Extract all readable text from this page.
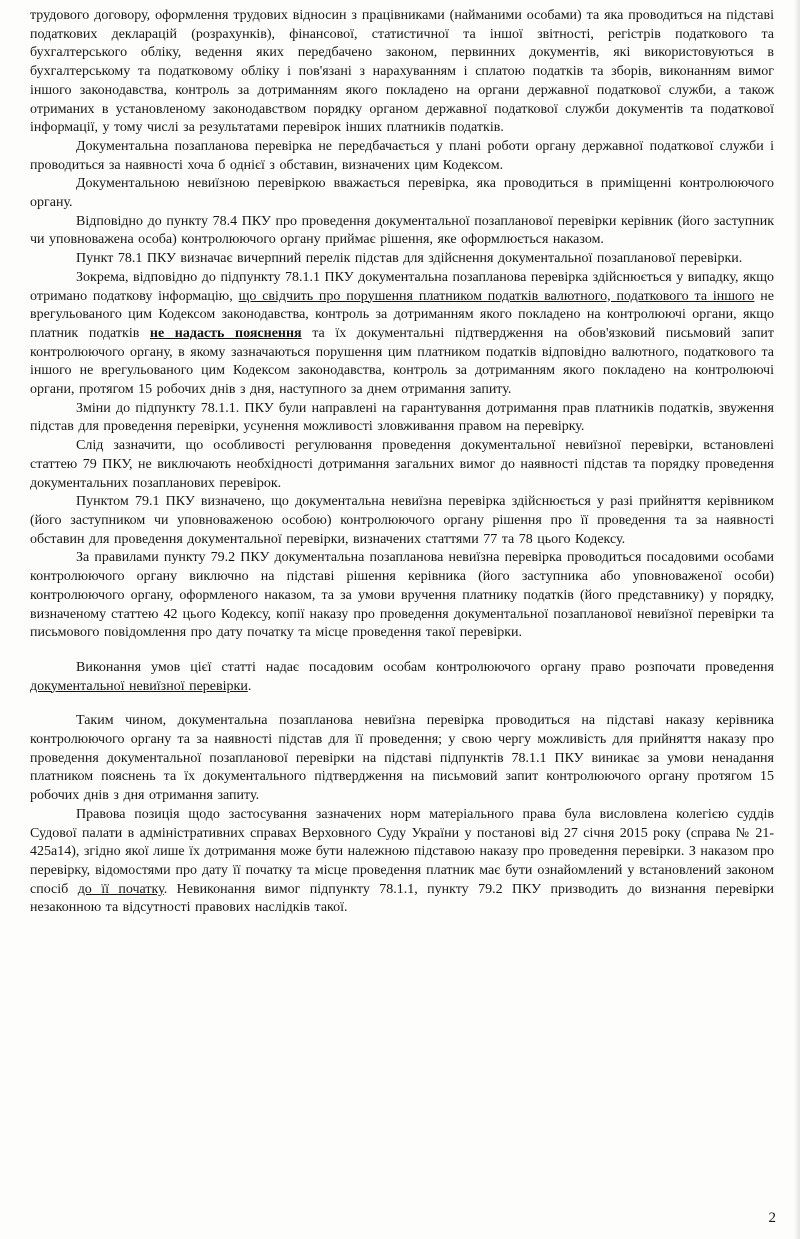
трудового договору, оформлення трудових відносин з працівниками (найманими особами) та яка проводиться на підставі податкових декларацій (розрахунків), фінансової, статистичної та іншої звітності, регістрів податкового та бухгалтерського обліку, ведення яких передбачено законом, первинних документів, які використовуються в бухгалтерському та податковому обліку і пов'язані з нарахуванням і сплатою податків та зборів, виконанням вимог іншого законодавства, контроль за дотриманням якого покладено на органи державної податкової служби, а також отриманих в установленому законодавством порядку органом державної податкової служби документів та податкової інформації, у тому числі за результатами перевірок інших платників податків.

Документальна позапланова перевірка не передбачається у плані роботи органу державної податкової служби і проводиться за наявності хоча б однієї з обставин, визначених цим Кодексом.

Документальною невиїзною перевіркою вважається перевірка, яка проводиться в приміщенні контролюючого органу.

Відповідно до пункту 78.4 ПКУ про проведення документальної позапланової перевірки керівник (його заступник чи уповноважена особа) контролюючого органу приймає рішення, яке оформлюється наказом.

Пункт 78.1 ПКУ визначає вичерпний перелік підстав для здійснення документальної позапланової перевірки.

Зокрема, відповідно до підпункту 78.1.1 ПКУ документальна позапланова перевірка здійснюється у випадку, якщо отримано податкову інформацію, що свідчить про порушення платником податків валютного, податкового та іншого не врегульованого цим Кодексом законодавства, контроль за дотриманням якого покладено на контролюючі органи, якщо платник податків не надасть пояснення та їх документальні підтвердження на обов'язковий письмовий запит контролюючого органу, в якому зазначаються порушення цим платником податків відповідно валютного, податкового та іншого не врегульованого цим Кодексом законодавства, контроль за дотриманням якого покладено на контролюючі органи, протягом 15 робочих днів з дня, наступного за днем отримання запиту.

Зміни до підпункту 78.1.1. ПКУ були направлені на гарантування дотримання прав платників податків, звуження підстав для проведення перевірки, усунення можливості зловживання правом на перевірку.

Слід зазначити, що особливості регулювання проведення документальної невиїзної перевірки, встановлені статтею 79 ПКУ, не виключають необхідності дотримання загальних вимог до наявності підстав та порядку проведення документальних позапланових перевірок.

Пунктом 79.1 ПКУ визначено, що документальна невиїзна перевірка здійснюється у разі прийняття керівником (його заступником чи уповноваженою особою) контролюючого органу рішення про її проведення та за наявності обставин для проведення документальної перевірки, визначених статтями 77 та 78 цього Кодексу.

За правилами пункту 79.2 ПКУ документальна позапланова невиїзна перевірка проводиться посадовими особами контролюючого органу виключно на підставі рішення керівника (його заступника або уповноваженої особи) контролюючого органу, оформленого наказом, та за умови вручення платнику податків (його представнику) у порядку, визначеному статтею 42 цього Кодексу, копії наказу про проведення документальної позапланової невиїзної перевірки та письмового повідомлення про дату початку та місце проведення такої перевірки.

Виконання умов цієї статті надає посадовим особам контролюючого органу право розпочати проведення документальної невиїзної перевірки.

Таким чином, документальна позапланова невиїзна перевірка проводиться на підставі наказу керівника контролюючого органу та за наявності підстав для її проведення; у свою чергу можливість для прийняття наказу про проведення документальної позапланової перевірки на підставі підпунктів 78.1.1 ПКУ виникає за умови ненадання платником пояснень та їх документального підтвердження на письмовий запит контролюючого органу протягом 15 робочих днів з дня отримання запиту.

Правова позиція щодо застосування зазначених норм матеріального права була висловлена колегією суддів Судової палати в адміністративних справах Верховного Суду України у постанові від 27 січня 2015 року (справа № 21-425а14), згідно якої лише їх дотримання може бути належною підставою наказу про проведення перевірки. З наказом про перевірку, відомостями про дату її початку та місце проведення платник має бути ознайомлений у встановлений законом спосіб до її початку. Невиконання вимог підпункту 78.1.1, пункту 79.2 ПКУ призводить до визнання перевірки незаконною та відсутності правових наслідків такої.

2
